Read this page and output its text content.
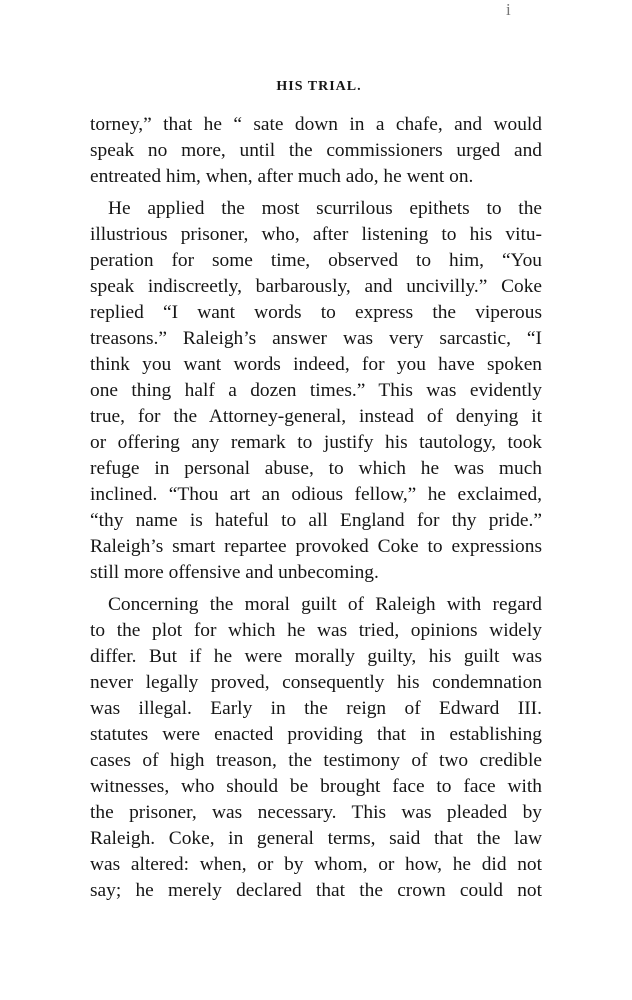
i
HIS TRIAL.
torney,” that he “ sate down in a chafe, and would
speak no more, until the commissioners urged and
entreated him, when, after much ado, he went on.
He applied the most scurrilous epithets to the
illustrious prisoner, who, after listening to his vitu-
peration for some time, observed to him, “You
speak indiscreetly, barbarously, and uncivilly.” Coke
replied “I want words to express the viperous
treasons.” Raleigh’s answer was very sarcastic, “I
think you want words indeed, for you have spoken
one thing half a dozen times.” This was evidently
true, for the Attorney-general, instead of denying it
or offering any remark to justify his tautology, took
refuge in personal abuse, to which he was much
inclined. “Thou art an odious fellow,” he exclaimed,
“thy name is hateful to all England for thy pride.”
Raleigh’s smart repartee provoked Coke to expressions
still more offensive and unbecoming.
Concerning the moral guilt of Raleigh with regard
to the plot for which he was tried, opinions widely
differ. But if he were morally guilty, his guilt was
never legally proved, consequently his condemnation
was illegal. Early in the reign of Edward III.
statutes were enacted providing that in establishing
cases of high treason, the testimony of two credible
witnesses, who should be brought face to face with
the prisoner, was necessary. This was pleaded by
Raleigh. Coke, in general terms, said that the law
was altered: when, or by whom, or how, he did not
say; he merely declared that the crown could not
